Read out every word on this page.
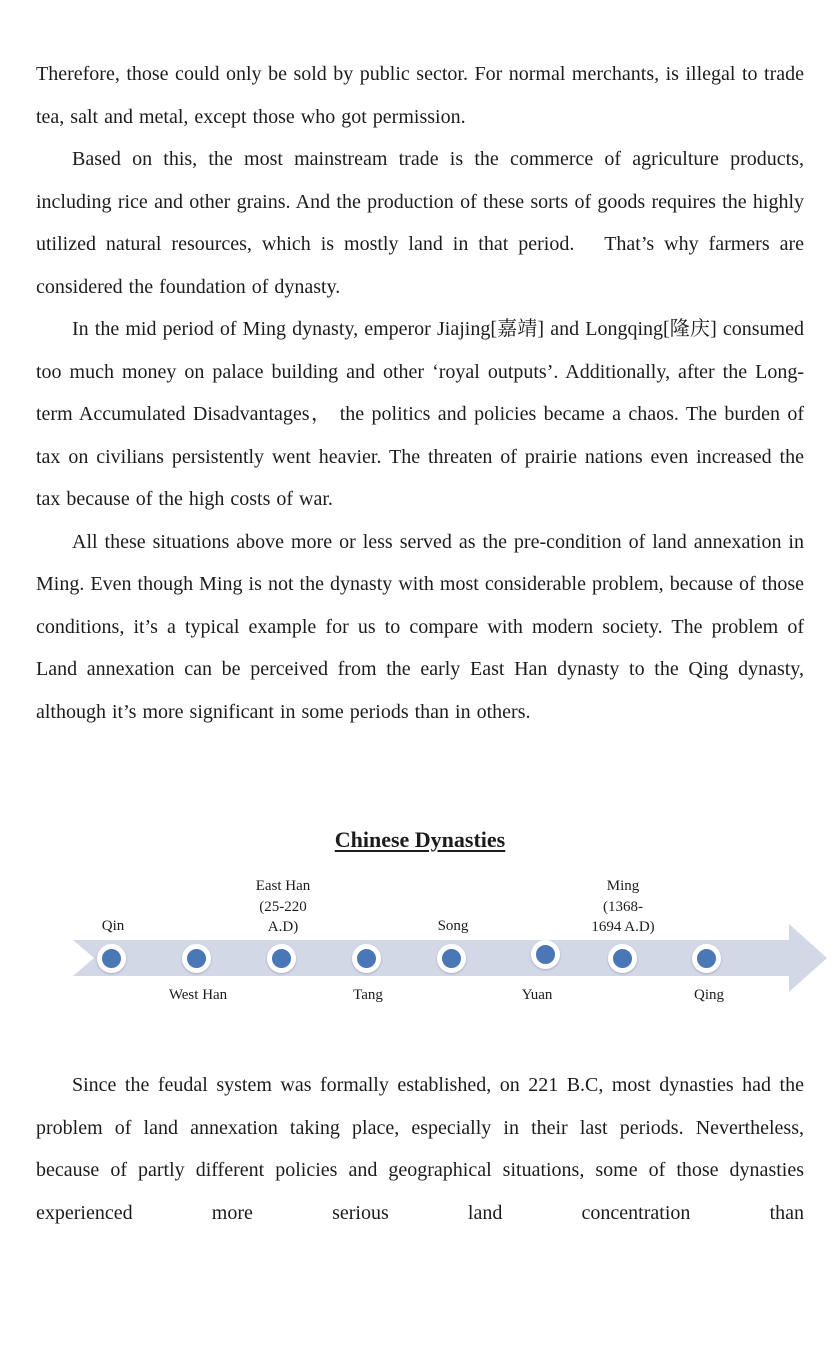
Therefore, those could only be sold by public sector. For normal merchants, is illegal to trade tea, salt and metal, except those who got permission.

Based on this, the most mainstream trade is the commerce of agriculture products, including rice and other grains. And the production of these sorts of goods requires the highly utilized natural resources, which is mostly land in that period.   That’s why farmers are considered the foundation of dynasty.

In the mid period of Ming dynasty, emperor Jiajing[嘉靖] and Longqing[隆庆] consumed too much money on palace building and other ‘royal outputs’. Additionally, after the Long-term Accumulated Disadvantages， the politics and policies became a chaos. The burden of tax on civilians persistently went heavier. The threaten of prairie nations even increased the tax because of the high costs of war.

All these situations above more or less served as the pre-condition of land annexation in Ming. Even though Ming is not the dynasty with most considerable problem, because of those conditions, it’s a typical example for us to compare with modern society. The problem of Land annexation can be perceived from the early East Han dynasty to the Qing dynasty, although it’s more significant in some periods than in others.

Chinese Dynasties
Qin
East Han
(25-220
A.D)	Song
Ming
(1368-
1694 A.D)
West Han	Tang	Yuan	Qing

Since the feudal system was formally established, on 221 B.C, most dynasties had the problem of land annexation taking place, especially in their last periods. Nevertheless, because of partly different policies and geographical situations, some of those dynasties experienced more serious land concentration than
